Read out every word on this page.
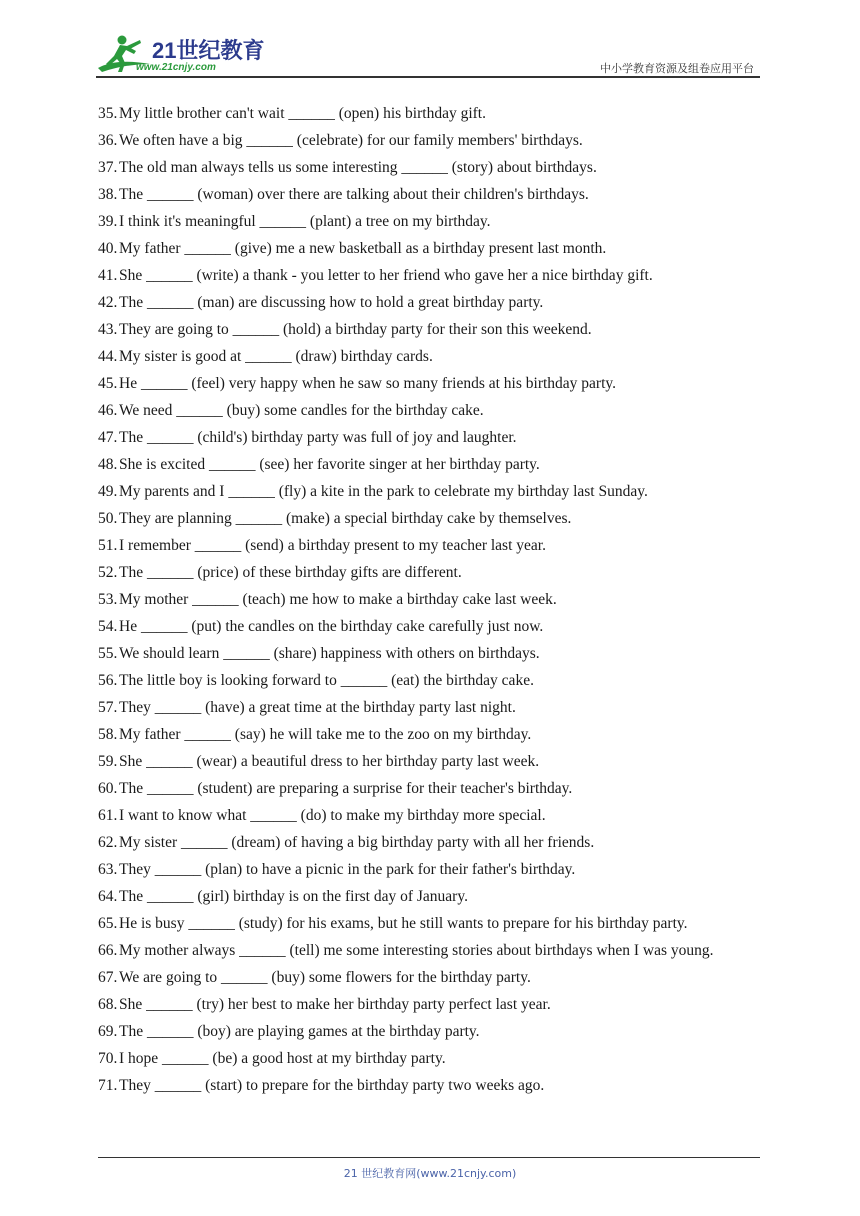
21世纪教育
www.21cnjy.com	中小学教育资源及组卷应用平台
35 . My little brother can't wait ______ (open) his birthday gift.
36 . We often have a big ______ (celebrate) for our family members' birthdays.
37 . The old man always tells us some interesting ______ (story) about birthdays.
38 . The ______ (woman) over there are talking about their children's birthdays.
39 . I think it's meaningful ______ (plant) a tree on my birthday.
40 . My father ______ (give) me a new basketball as a birthday present last month.
41 . She ______ (write) a thank - you letter to her friend who gave her a nice birthday gift.
42 . The ______ (man) are discussing how to hold a great birthday party.
43 . They are going to ______ (hold) a birthday party for their son this weekend.
44 . My sister is good at ______ (draw) birthday cards.
45 . He ______ (feel) very happy when he saw so many friends at his birthday party.
46 . We need ______ (buy) some candles for the birthday cake.
47 . The ______ (child's) birthday party was full of joy and laughter.
48 . She is excited ______ (see) her favorite singer at her birthday party.
49 . My parents and I ______ (fly) a kite in the park to celebrate my birthday last Sunday.
50 . They are planning ______ (make) a special birthday cake by themselves.
51 . I remember ______ (send) a birthday present to my teacher last year.
52 . The ______ (price) of these birthday gifts are different.
53 . My mother ______ (teach) me how to make a birthday cake last week.
54 . He ______ (put) the candles on the birthday cake carefully just now.
55 . We should learn ______ (share) happiness with others on birthdays.
56 . The little boy is looking forward to ______ (eat) the birthday cake.
57 . They ______ (have) a great time at the birthday party last night.
58 . My father ______ (say) he will take me to the zoo on my birthday.
59 . She ______ (wear) a beautiful dress to her birthday party last week.
60 . The ______ (student) are preparing a surprise for their teacher's birthday.
61 . I want to know what ______ (do) to make my birthday more special.
62 . My sister ______ (dream) of having a big birthday party with all her friends.
63 . They ______ (plan) to have a picnic in the park for their father's birthday.
64 . The ______ (girl) birthday is on the first day of January.
65 . He is busy ______ (study) for his exams, but he still wants to prepare for his birthday party.
66 . My mother always ______ (tell) me some interesting stories about birthdays when I was young.
67 . We are going to ______ (buy) some flowers for the birthday party.
68 . She ______ (try) her best to make her birthday party perfect last year.
69 . The ______ (boy) are playing games at the birthday party.
70 . I hope ______ (be) a good host at my birthday party.
71 . They ______ (start) to prepare for the birthday party two weeks ago.
21 世纪教育网(www.21cnjy.com)
